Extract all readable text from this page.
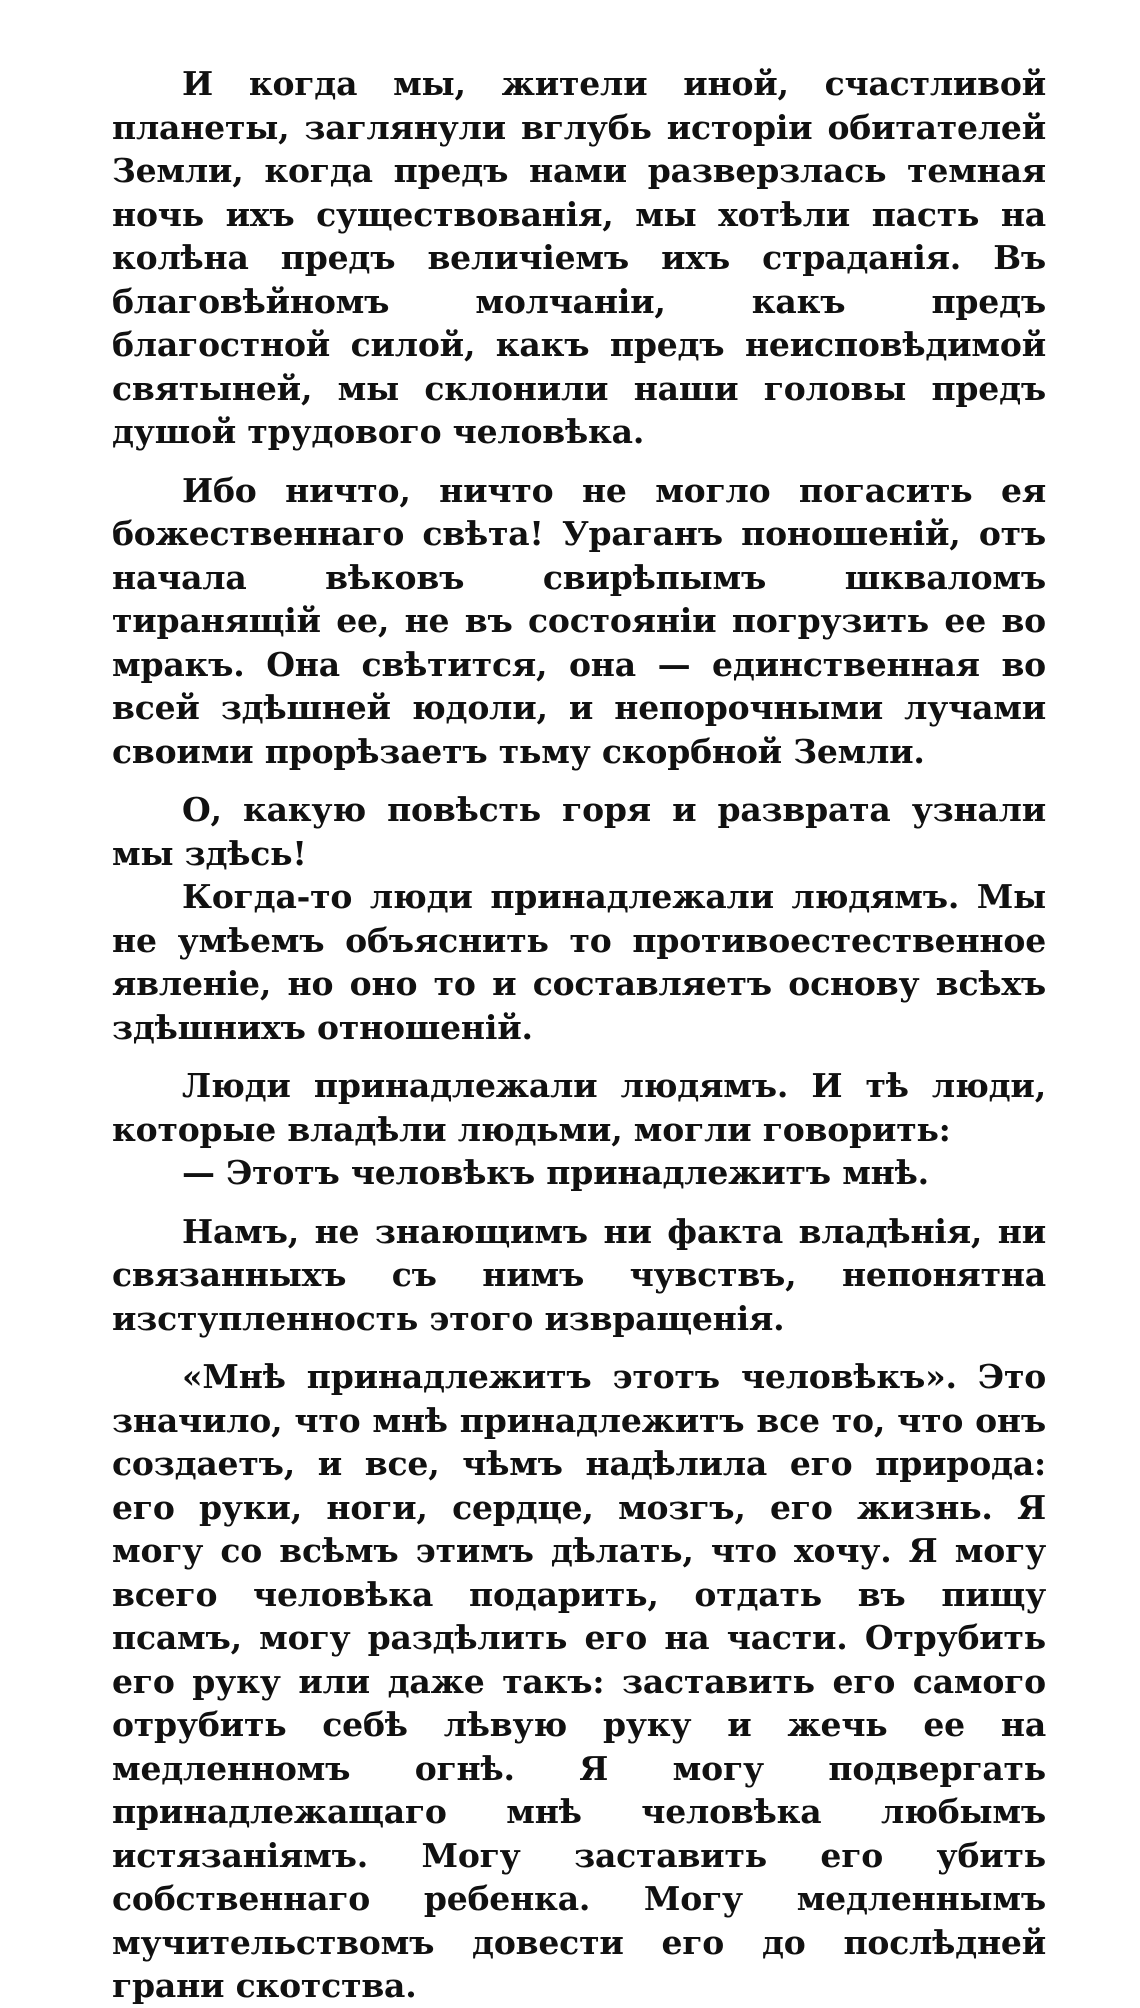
И когда мы, жители иной, счастливой планеты, заглянули вглубь исторіи обитателей Земли, когда предъ нами разверзлась темная ночь ихъ существованія, мы хотѣли пасть на колѣна предъ величіемъ ихъ страданія. Въ благовѣйномъ молчаніи, какъ предъ благостной силой, какъ предъ неисповѣдимой святыней, мы склонили наши головы предъ душой трудового человѣка.

Ибо ничто, ничто не могло погасить ея божественнаго свѣта! Ураганъ поношеній, отъ начала вѣковъ свирѣпымъ шкваломъ тиранящій ее, не въ состояніи погрузить ее во мракъ. Она свѣтится, она — единственная во всей здѣшней юдоли, и непорочными лучами своими прорѣзаетъ тьму скорбной Земли.

О, какую повѣсть горя и разврата узнали мы здѣсь!

Когда-то люди принадлежали людямъ. Мы не умѣемъ объяснить то противоестественное явленіе, но оно то и составляетъ основу всѣхъ здѣшнихъ отношеній.

Люди принадлежали людямъ. И тѣ люди, которые владѣли людьми, могли говорить:

— Этотъ человѣкъ принадлежитъ мнѣ.

Намъ, не знающимъ ни факта владѣнія, ни связанныхъ съ нимъ чувствъ, непонятна изступленность этого извращенія.

«Мнѣ принадлежитъ этотъ человѣкъ». Это значило, что мнѣ принадлежитъ все то, что онъ создаетъ, и все, чѣмъ надѣлила его природа: его руки, ноги, сердце, мозгъ, его жизнь. Я могу со всѣмъ этимъ дѣлать, что хочу. Я могу всего человѣка подарить, отдать въ пищу псамъ, могу раздѣлить его на части. Отрубить его руку или даже такъ: заставить его самого отрубить себѣ лѣвую руку и жечь ее на медленномъ огнѣ. Я могу подвергать принадлежащаго мнѣ человѣка любымъ истязаніямъ. Могу заставить его убить собственнаго ребенка. Могу медленнымъ мучительствомъ довести его до послѣдней грани скотства.
